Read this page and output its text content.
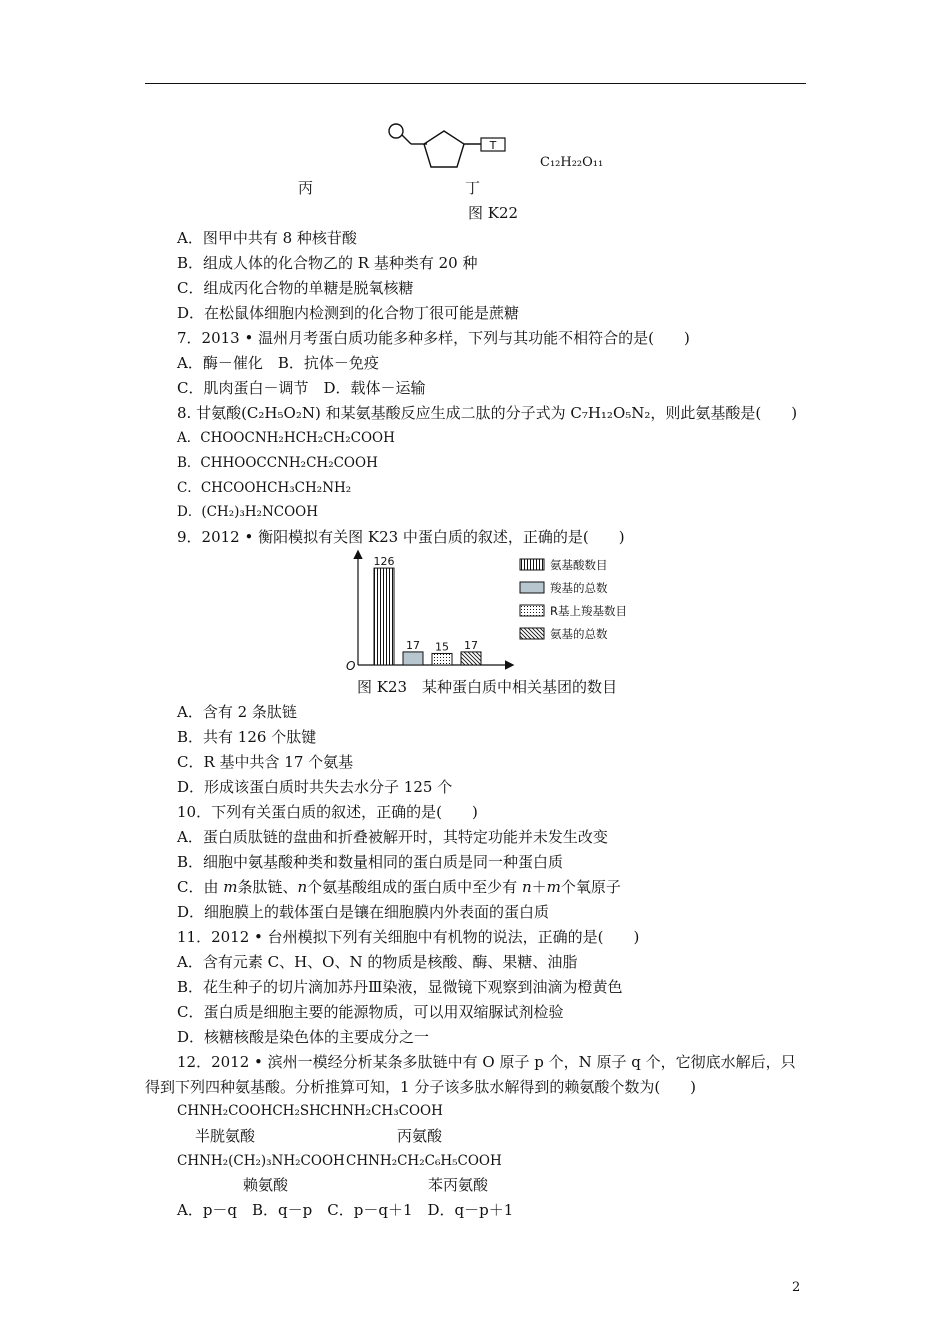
T
C₁₂H₂₂O₁₁
丙	丁
图 K22
A．图甲中共有 8 种核苷酸
B．组成人体的化合物乙的 R 基种类有 20 种
C．组成丙化合物的单糖是脱氧核糖
D．在松鼠体细胞内检测到的化合物丁很可能是蔗糖
7．2013 • 温州月考蛋白质功能多种多样，下列与其功能不相符合的是(　　)
A．酶－催化　B．抗体－免疫
C．肌肉蛋白－调节　D．载体－运输
8. 甘氨酸(C₂H₅O₂N) 和某氨基酸反应生成二肽的分子式为 C₇H₁₂O₅N₂，则此氨基酸是(　　)
A．CHOOCNH₂HCH₂CH₂COOH
B．CHHOOCCNH₂CH₂COOH
C．CHCOOHCH₃CH₂NH₂
D．(CH₂)₃H₂NCOOH
9．2012 • 衡阳模拟有关图 K23 中蛋白质的叙述，正确的是(　　)
O
126
17 15 17
氨基酸数目
羧基的总数
R基上羧基数目
氨基的总数
图 K23　某种蛋白质中相关基团的数目
A．含有 2 条肽链
B．共有 126 个肽键
C．R 基中共含 17 个氨基
D．形成该蛋白质时共失去水分子 125 个
10．下列有关蛋白质的叙述，正确的是(　　)
A．蛋白质肽链的盘曲和折叠被解开时，其特定功能并未发生改变
B．细胞中氨基酸种类和数量相同的蛋白质是同一种蛋白质
C．由 m条肽链、n个氨基酸组成的蛋白质中至少有 n＋m个氧原子
D．细胞膜上的载体蛋白是镶在细胞膜内外表面的蛋白质
11．2012 • 台州模拟下列有关细胞中有机物的说法，正确的是(　　)
A．含有元素 C、H、O、N 的物质是核酸、酶、果糖、油脂
B．花生种子的切片滴加苏丹Ⅲ染液，显微镜下观察到油滴为橙黄色
C．蛋白质是细胞主要的能源物质，可以用双缩脲试剂检验
D．核糖核酸是染色体的主要成分之一
12．2012 • 滨州一模经分析某条多肽链中有 O 原子 p 个，N 原子 q 个，它彻底水解后，只
得到下列四种氨基酸。分析推算可知，1 分子该多肽水解得到的赖氨酸个数为(　　)
CHNH₂COOHCH₂SH CHNH₂CH₃COOH
半胱氨酸	丙氨酸
CHNH₂(CH₂)₃NH₂COOH CHNH₂CH₂C₆H₅COOH
赖氨酸	苯丙氨酸
A．p－q　B．q－p　C．p－q＋1　D．q－p＋1
2
